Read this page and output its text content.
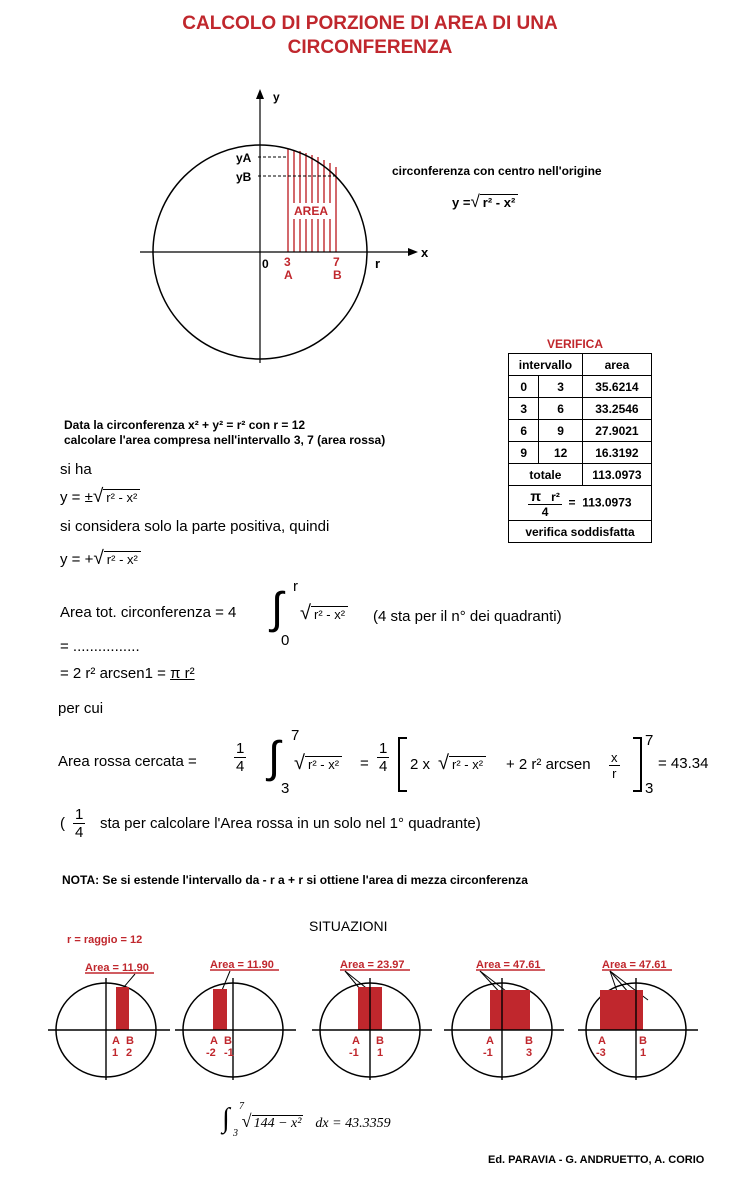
CALCOLO DI PORZIONE DI AREA DI UNA
CIRCONFERENZA
y
x
0	r
yA
yB
AREA
3
A
7
B
circonferenza con centro nell'origine
y =√ r² - x²
VERIFICA
intervallo		area
0	3	35.6214
3	6	33.2546
6	9	27.9021
9	12	16.3192
totale		113.0973

$\frac{\text{π r²}}{4} = 113.0973$		
verifica soddisfatta		
Data la circonferenza x² + y² = r² con r = 12
calcolare l'area compresa nell'intervallo 3, 7 (area rossa)
si ha
y = ±√ r² - x²
si considera solo la parte positiva, quindi
y = +√ r² - x²
Area tot. circonferenza = 4 ∫ r
0
√ r² - x² (4 sta per il n° dei quadranti)
= ................
= 2 r² arcsen1 = π r²
per cui
Area rossa cercata = $\frac{1}{4}$ ∫ 7
3
√ $r^2 - x^2 = \frac{1}{4} 2$ x √ r² - x² + 2 r² arcsen $\frac{x}{r}$
7
3
= 43.34
( $\frac{1}{4}$ sta per calcolare l'Area rossa in un solo nel 1° quadrante)
NOTA: Se si estende l'intervallo da - r a + r si ottiene l'area di mezza circonferenza
SITUAZIONI
r = raggio = 12
Area = 11.90
A
1
B
2
Area = 11.90
A
-2
B
-1
Area = 23.97
A
-1
B
1
Area = 47.61
A
-1
B
3
Area = 47.61
A
-3
B
1
∫ 7
3
√ 144 − x² dx = 43.3359
Ed. PARAVIA - G. ANDRUETTO, A. CORIO
